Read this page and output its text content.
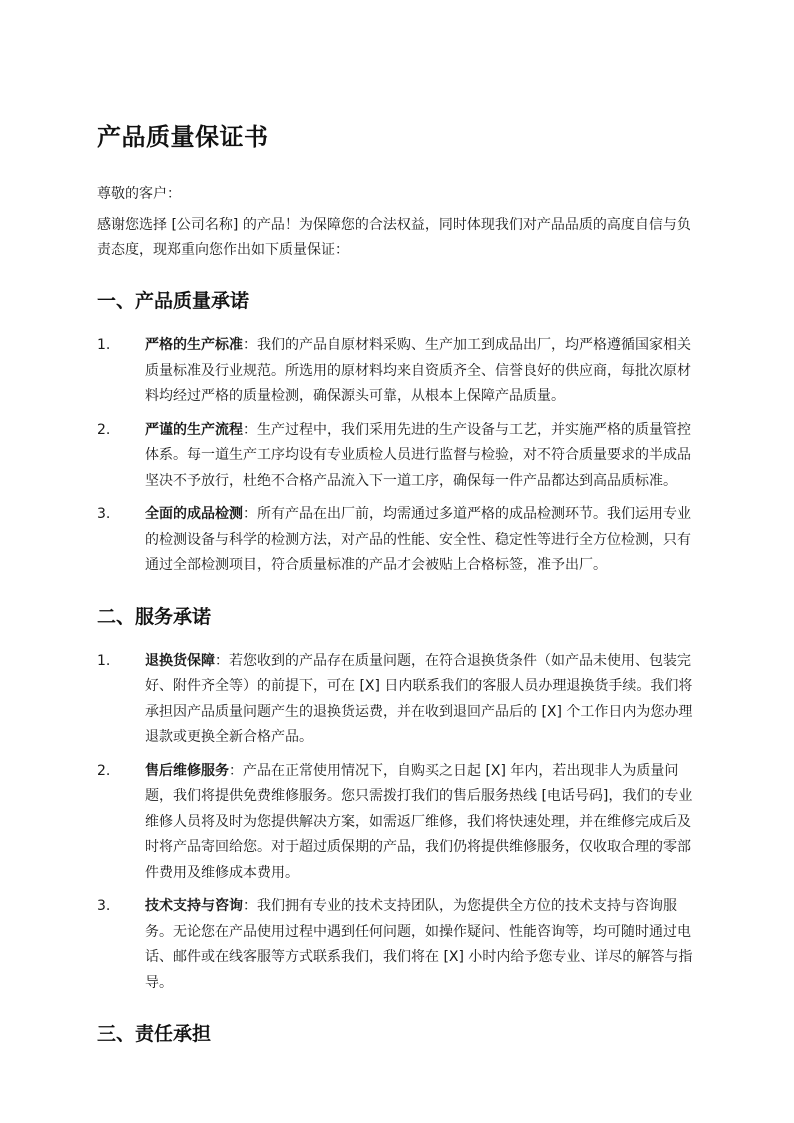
产品质量保证书

尊敬的客户：

感谢您选择 [公司名称] 的产品！为保障您的合法权益，同时体现我们对产品品质的高度自信与负责态度，现郑重向您作出如下质量保证：

一、产品质量承诺
1. 严格的生产标准：我们的产品自原材料采购、生产加工到成品出厂，均严格遵循国家相关质量标准及行业规范。所选用的原材料均来自资质齐全、信誉良好的供应商，每批次原材料均经过严格的质量检测，确保源头可靠，从根本上保障产品质量。
2. 严谨的生产流程：生产过程中，我们采用先进的生产设备与工艺，并实施严格的质量管控体系。每一道生产工序均设有专业质检人员进行监督与检验，对不符合质量要求的半成品坚决不予放行，杜绝不合格产品流入下一道工序，确保每一件产品都达到高品质标准。
3. 全面的成品检测：所有产品在出厂前，均需通过多道严格的成品检测环节。我们运用专业的检测设备与科学的检测方法，对产品的性能、安全性、稳定性等进行全方位检测，只有通过全部检测项目，符合质量标准的产品才会被贴上合格标签，准予出厂。
二、服务承诺
1. 退换货保障：若您收到的产品存在质量问题，在符合退换货条件（如产品未使用、包装完好、附件齐全等）的前提下，可在 [X] 日内联系我们的客服人员办理退换货手续。我们将承担因产品质量问题产生的退换货运费，并在收到退回产品后的 [X] 个工作日内为您办理退款或更换全新合格产品。
2. 售后维修服务：产品在正常使用情况下，自购买之日起 [X] 年内，若出现非人为质量问题，我们将提供免费维修服务。您只需拨打我们的售后服务热线 [电话号码]，我们的专业维修人员将及时为您提供解决方案，如需返厂维修，我们将快速处理，并在维修完成后及时将产品寄回给您。对于超过质保期的产品，我们仍将提供维修服务，仅收取合理的零部件费用及维修成本费用。
3. 技术支持与咨询：我们拥有专业的技术支持团队，为您提供全方位的技术支持与咨询服务。无论您在产品使用过程中遇到任何问题，如操作疑问、性能咨询等，均可随时通过电话、邮件或在线客服等方式联系我们，我们将在 [X] 小时内给予您专业、详尽的解答与指导。
三、责任承担
